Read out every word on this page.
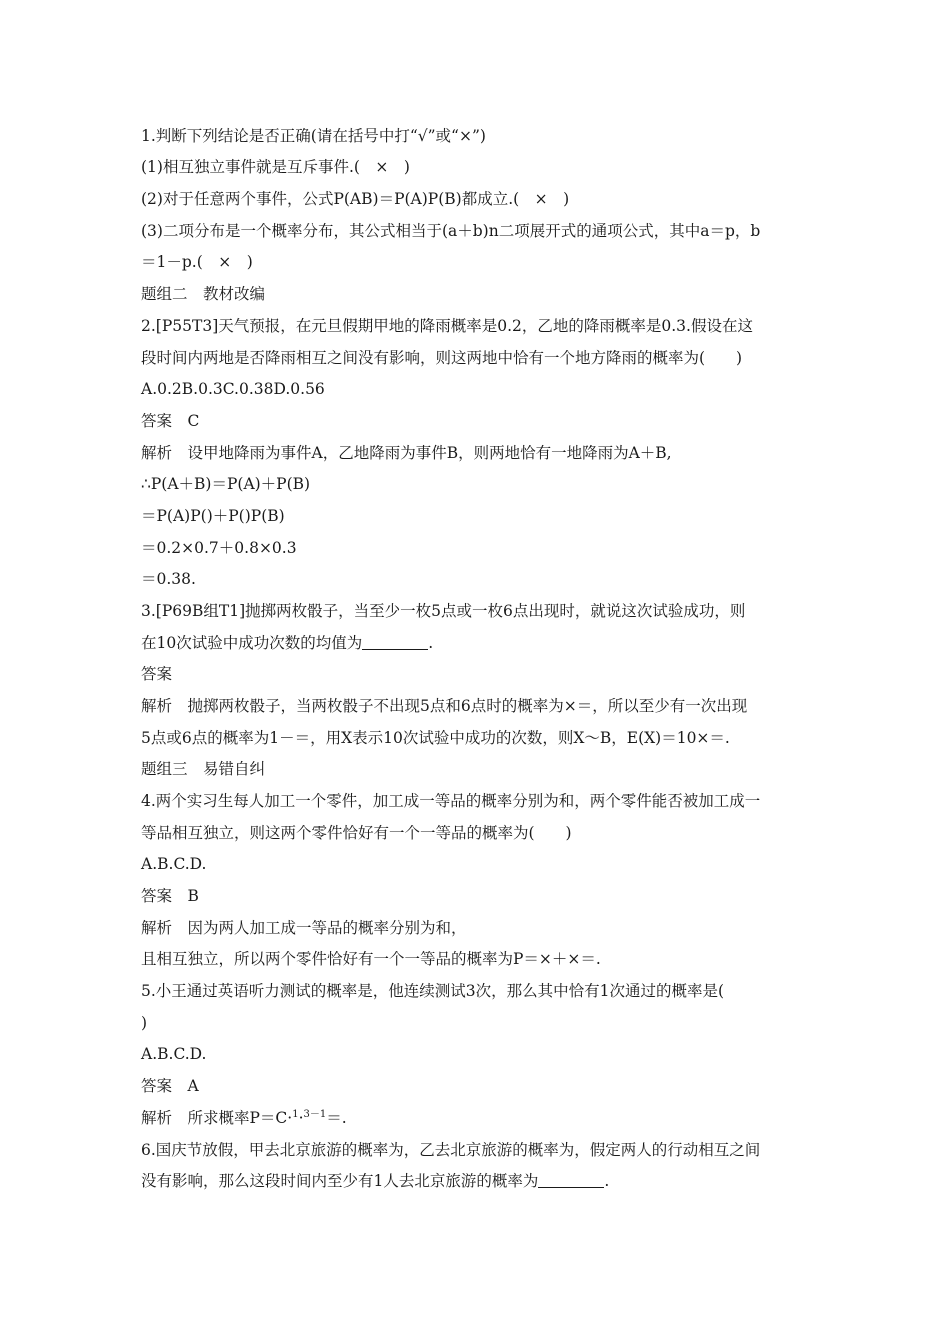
1.判断下列结论是否正确(请在括号中打“√”或“×”)
(1)相互独立事件就是互斥事件.(　×　)
(2)对于任意两个事件，公式P(AB)＝P(A)P(B)都成立.(　×　)
(3)二项分布是一个概率分布，其公式相当于(a＋b)n二项展开式的通项公式，其中a＝p，b
＝1－p.(　×　)
题组二　教材改编
2.[P55T3]天气预报，在元旦假期甲地的降雨概率是0.2，乙地的降雨概率是0.3.假设在这
段时间内两地是否降雨相互之间没有影响，则这两地中恰有一个地方降雨的概率为(　　)
A.0.2B.0.3C.0.38D.0.56
答案　C
解析　设甲地降雨为事件A，乙地降雨为事件B，则两地恰有一地降雨为A＋B,
∴P(A＋B)＝P(A)＋P(B)
＝P(A)P()＋P()P(B)
＝0.2×0.7＋0.8×0.3
＝0.38.
3.[P69B组T1]抛掷两枚骰子，当至少一枚5点或一枚6点出现时，就说这次试验成功，则
在10次试验中成功次数的均值为	.
答案
解析　抛掷两枚骰子，当两枚骰子不出现5点和6点时的概率为×＝，所以至少有一次出现
5点或6点的概率为1－＝，用X表示10次试验中成功的次数，则X～B，E(X)＝10×＝.
题组三　易错自纠
4.两个实习生每人加工一个零件，加工成一等品的概率分别为和，两个零件能否被加工成一
等品相互独立，则这两个零件恰好有一个一等品的概率为(　　)
A.B.C.D.
答案　B
解析　因为两人加工成一等品的概率分别为和，
且相互独立，所以两个零件恰好有一个一等品的概率为P＝×＋×＝.
5.小王通过英语听力测试的概率是，他连续测试3次，那么其中恰有1次通过的概率是(
)
A.B.C.D.
答案　A
解析　所求概率P＝C·$^1$·$^{3-1}$＝.
6.国庆节放假，甲去北京旅游的概率为，乙去北京旅游的概率为，假定两人的行动相互之间
没有影响，那么这段时间内至少有1人去北京旅游的概率为	.
